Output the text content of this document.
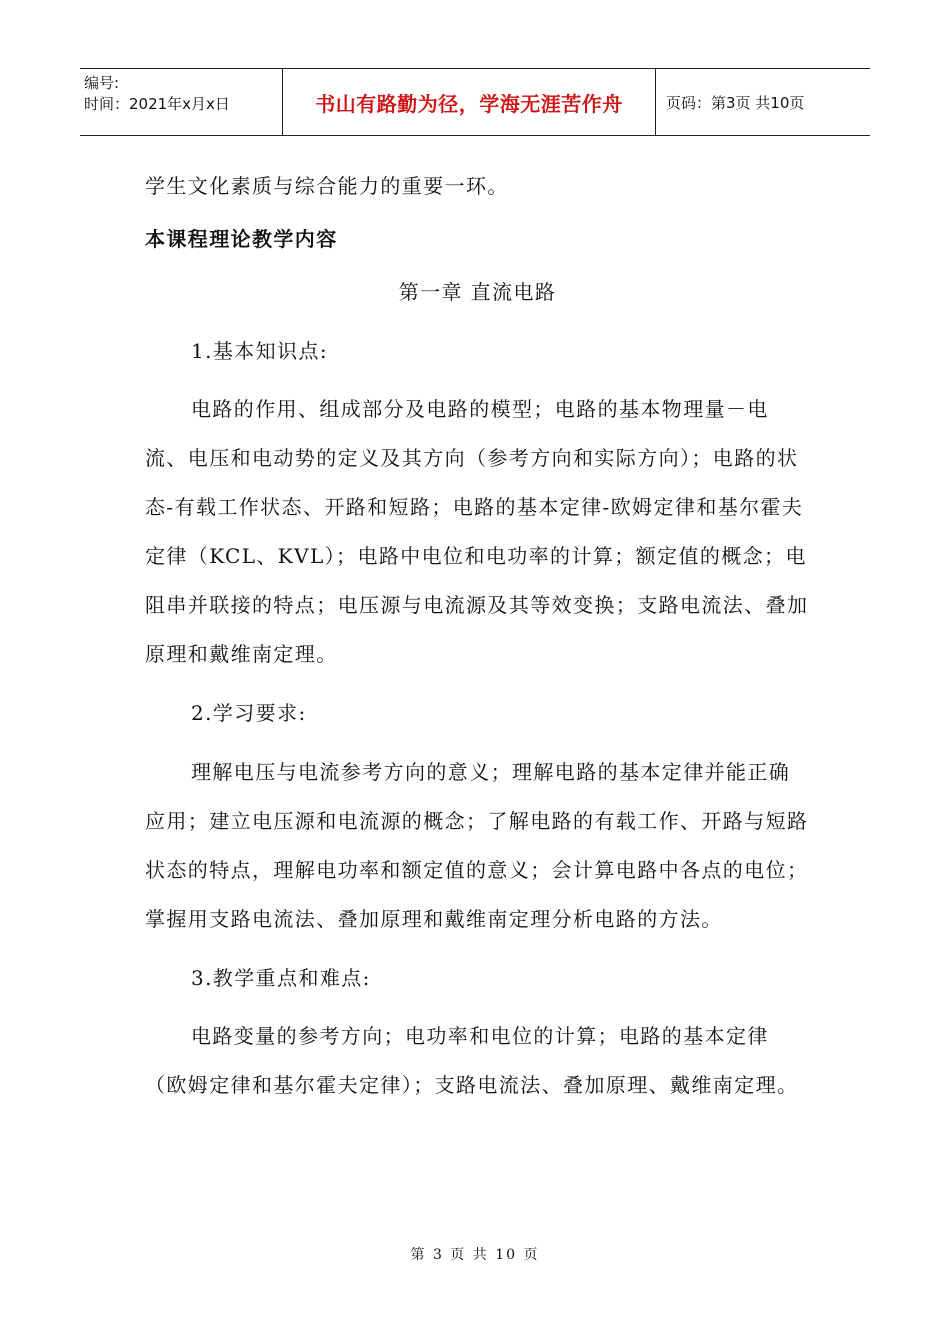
编号:
时间：2021年x月x日	书山有路勤为径，学海无涯苦作舟	页码：第3页 共10页

学生文化素质与综合能力的重要一环。

本课程理论教学内容

第一章 直流电路

1.基本知识点:

电路的作用、组成部分及电路的模型；电路的基本物理量－电流、电压和电动势的定义及其方向（参考方向和实际方向）；电路的状态-有载工作状态、开路和短路；电路的基本定律-欧姆定律和基尔霍夫定律（KCL、KVL）；电路中电位和电功率的计算；额定值的概念；电阻串并联接的特点；电压源与电流源及其等效变换；支路电流法、叠加原理和戴维南定理。

2.学习要求:

理解电压与电流参考方向的意义；理解电路的基本定律并能正确应用；建立电压源和电流源的概念；了解电路的有载工作、开路与短路状态的特点，理解电功率和额定值的意义；会计算电路中各点的电位；掌握用支路电流法、叠加原理和戴维南定理分析电路的方法。

3.教学重点和难点:

电路变量的参考方向；电功率和电位的计算；电路的基本定律（欧姆定律和基尔霍夫定律）；支路电流法、叠加原理、戴维南定理。

第 3 页 共 10 页
